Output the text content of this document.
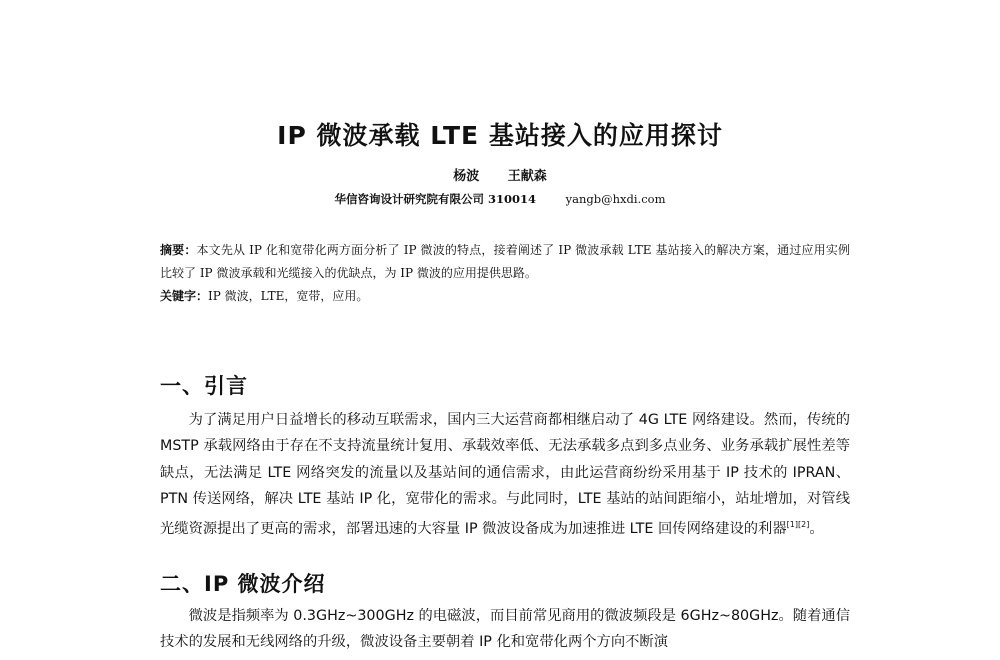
IP 微波承载 LTE 基站接入的应用探讨
杨波 王献森
华信咨询设计研究院有限公司 310014	yangb@hxdi.com
摘要：本文先从 IP 化和宽带化两方面分析了 IP 微波的特点，接着阐述了 IP 微波承载 LTE 基站接入的解决方案，通过应用实例比较了 IP 微波承载和光缆接入的优缺点，为 IP 微波的应用提供思路。
关键字：IP 微波，LTE，宽带，应用。
一、引言

为了满足用户日益增长的移动互联需求，国内三大运营商都相继启动了 4G LTE 网络建设。然而，传统的 MSTP 承载网络由于存在不支持流量统计复用、承载效率低、无法承载多点到多点业务、业务承载扩展性差等缺点，无法满足 LTE 网络突发的流量以及基站间的通信需求，由此运营商纷纷采用基于 IP 技术的 IPRAN、PTN 传送网络，解决 LTE 基站 IP 化，宽带化的需求。与此同时，LTE 基站的站间距缩小，站址增加，对管线光缆资源提出了更高的需求，部署迅速的大容量 IP 微波设备成为加速推进 LTE 回传网络建设的利器[1][2]。

二、IP 微波介绍

微波是指频率为 0.3GHz~300GHz 的电磁波，而目前常见商用的微波频段是 6GHz~80GHz。随着通信技术的发展和无线网络的升级，微波设备主要朝着 IP 化和宽带化两个方向不断演
